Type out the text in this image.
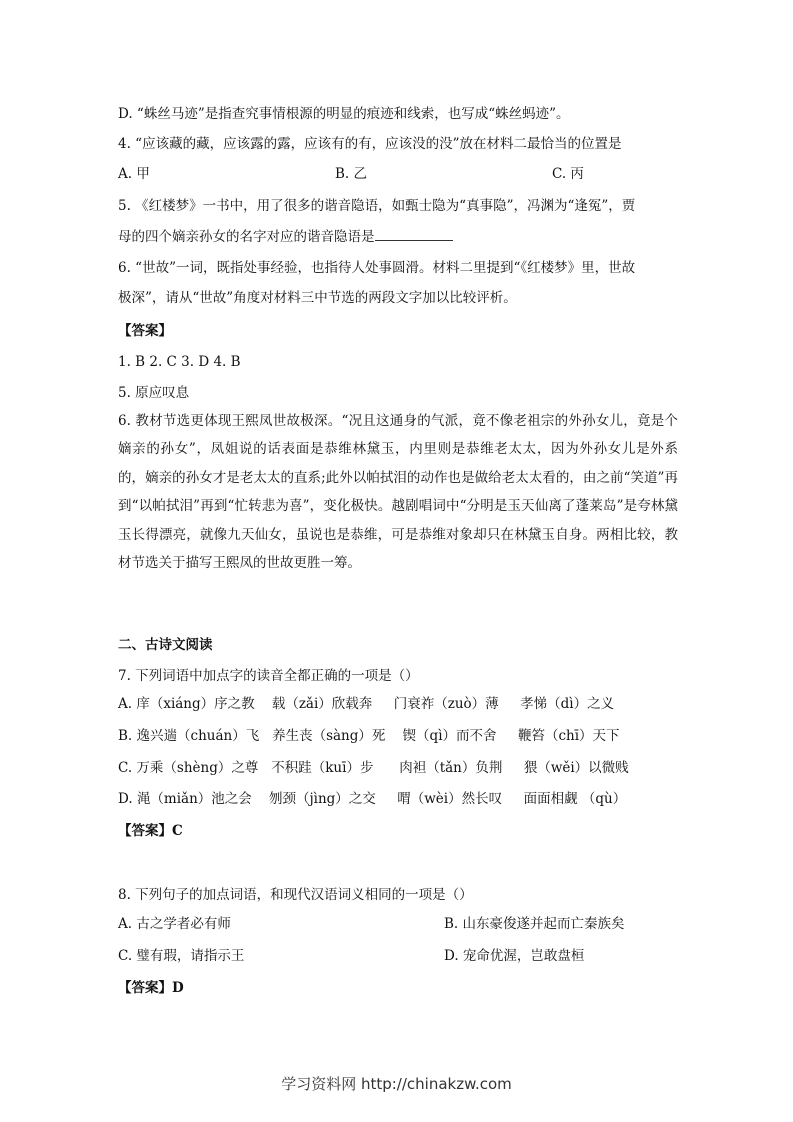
D. “蛛丝马迹”是指查究事情根源的明显的痕迹和线索，也写成“蛛丝蚂迹”。
4. “应该藏的藏，应该露的露，应该有的有，应该没的没”放在材料二最恰当的位置是
A. 甲	B. 乙	C. 丙
5. 《红楼梦》一书中，用了很多的谐音隐语，如甄士隐为“真事隐”，冯渊为“逢冤”，贾
母的四个嫡亲孙女的名字对应的谐音隐语是
6. “世故”一词，既指处事经验，也指待人处事圆滑。材料二里提到“《红楼梦》里，世故
极深”，请从“世故”角度对材料三中节选的两段文字加以比较评析。
【答案】
1. B 2. C 3. D 4. B
5. 原应叹息
6. 教材节选更体现王熙凤世故极深。“况且这通身的气派，竟不像老祖宗的外孙女儿，竟是个嫡亲的孙女”，凤姐说的话表面是恭维林黛玉，内里则是恭维老太太，因为外孙女儿是外系的，嫡亲的孙女才是老太太的直系;此外以帕拭泪的动作也是做给老太太看的，由之前“笑道”再到“以帕拭泪”再到“忙转悲为喜”，变化极快。越剧唱词中“分明是玉天仙离了蓬莱岛”是夸林黛玉长得漂亮，就像九天仙女，虽说也是恭维，可是恭维对象却只在林黛玉自身。两相比较，教材节选关于描写王熙凤的世故更胜一筹。
二、古诗文阅读
7. 下列词语中加点字的读音全都正确的一项是（）
A. 庠（xiáng）序之教    载（zǎi）欣载奔     门衰祚（zuò）薄     孝悌（dì）之义
B. 逸兴遄（chuán）飞   养生丧（sàng）死    锲（qì）而不舍     鞭笞（chī）天下
C. 万乘（shèng）之尊   不积跬（kuī）步      肉袒（tǎn）负荆     猥（wěi）以微贱
D. 渑（miǎn）池之会    刎颈（jìng）之交     喟（wèi）然长叹     面面相觑 （qù）
【答案】C
8. 下列句子的加点词语，和现代汉语词义相同的一项是（）
A. 古之学者必有师	B. 山东豪俊遂并起而亡秦族矣
C. 璧有瑕，请指示王	D. 宠命优渥，岂敢盘桓
【答案】D
学习资料网 http://chinakzw.com
